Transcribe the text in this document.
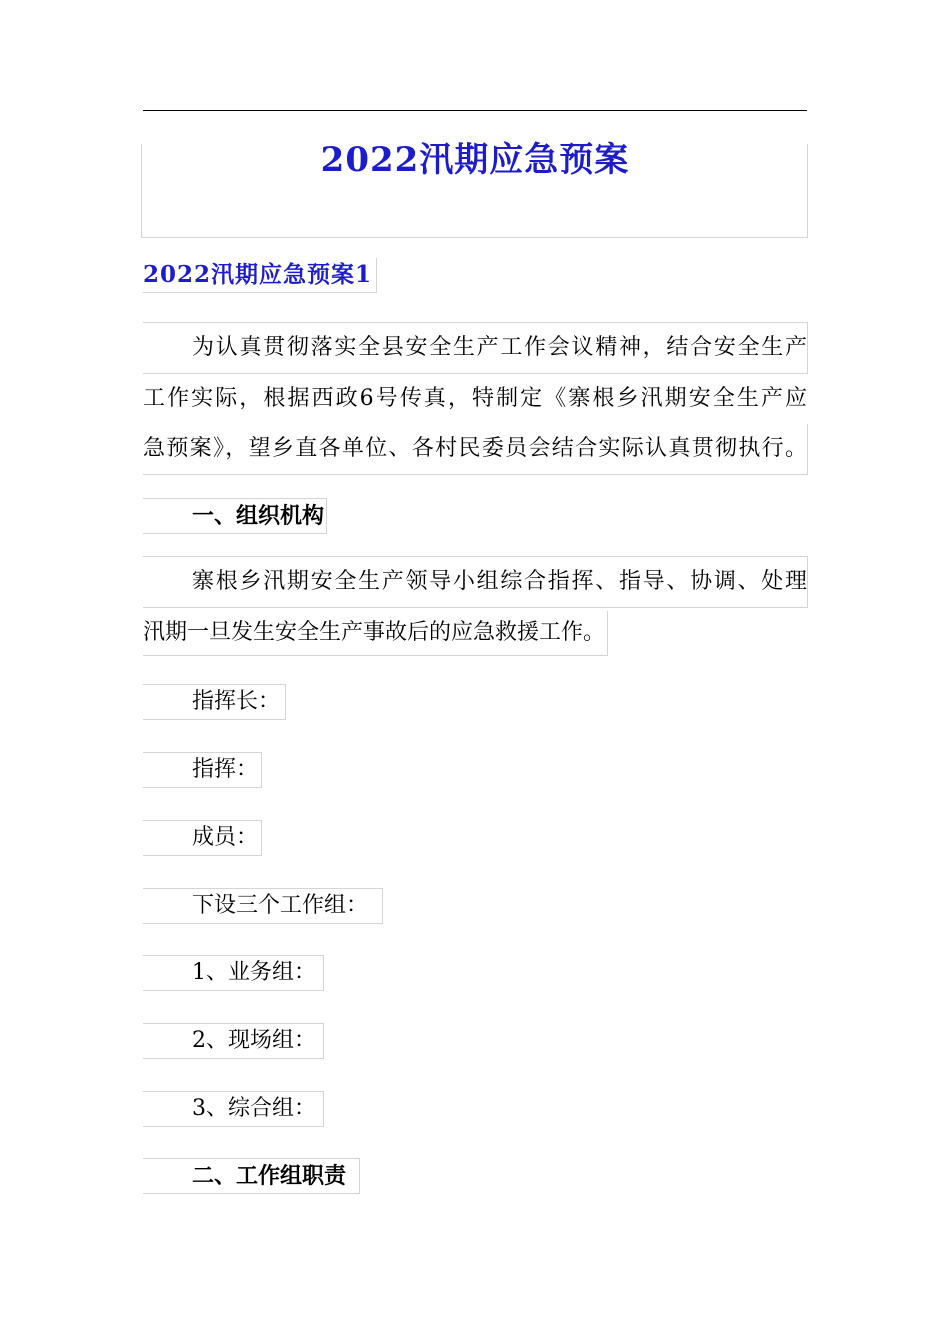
2022汛期应急预案
2022汛期应急预案1
为认真贯彻落实全县安全生产工作会议精神，结合安全生产
工作实际，根据西政6号传真，特制定《寨根乡汛期安全生产应
急预案》，望乡直各单位、各村民委员会结合实际认真贯彻执行。
一、组织机构
寨根乡汛期安全生产领导小组综合指挥、指导、协调、处理
汛期一旦发生安全生产事故后的应急救援工作。
指挥长：
指挥：
成员：
下设三个工作组：
1、业务组：
2、现场组：
3、综合组：
二、工作组职责
